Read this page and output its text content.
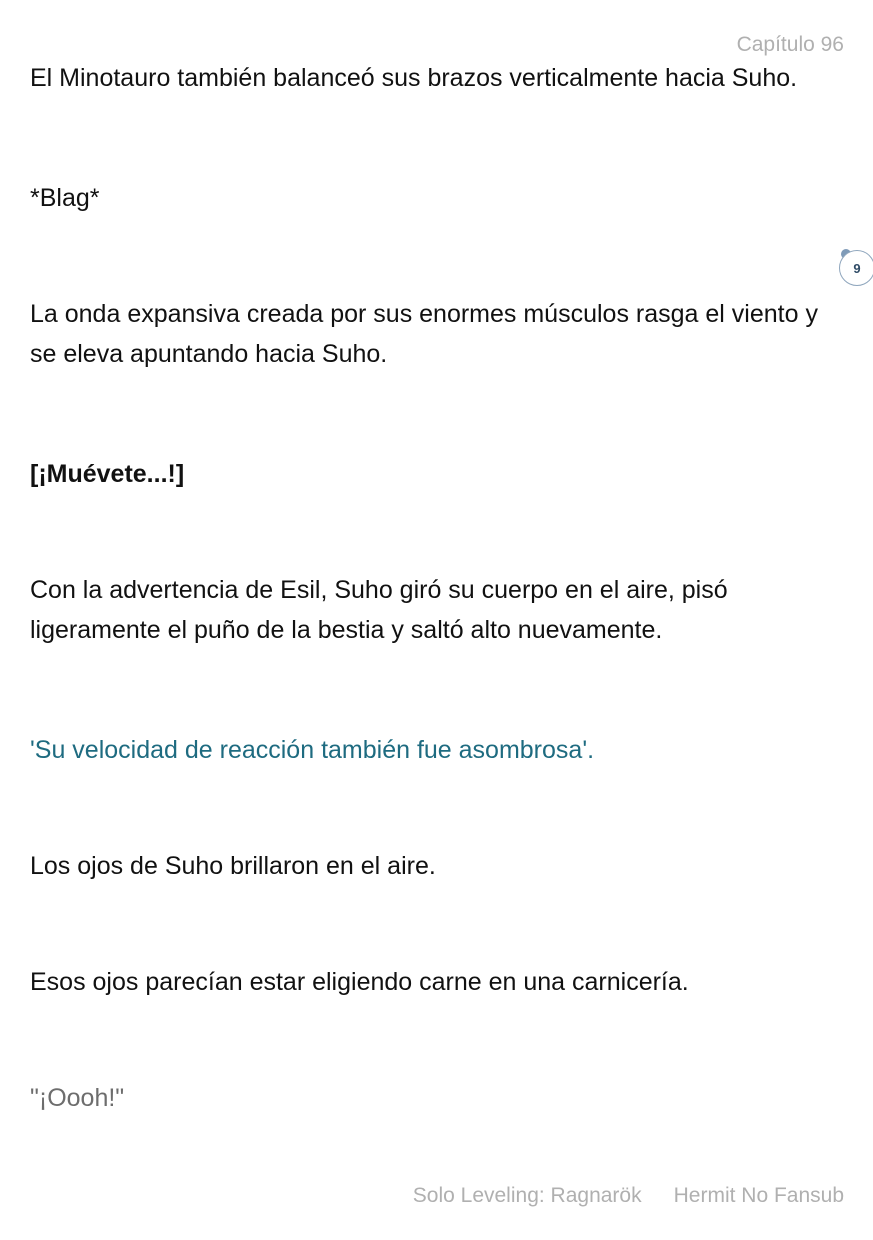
Capítulo 96
9

El Minotauro también balanceó sus brazos verticalmente hacia Suho.

*Blag*

La onda expansiva creada por sus enormes músculos rasga el viento y se eleva apuntando hacia Suho.

[¡Muévete...!]

Con la advertencia de Esil, Suho giró su cuerpo en el aire, pisó ligeramente el puño de la bestia y saltó alto nuevamente.

'Su velocidad de reacción también fue asombrosa'.

Los ojos de Suho brillaron en el aire.

Esos ojos parecían estar eligiendo carne en una carnicería.

"¡Oooh!"

Solo Leveling: Ragnarök Hermit No Fansub
